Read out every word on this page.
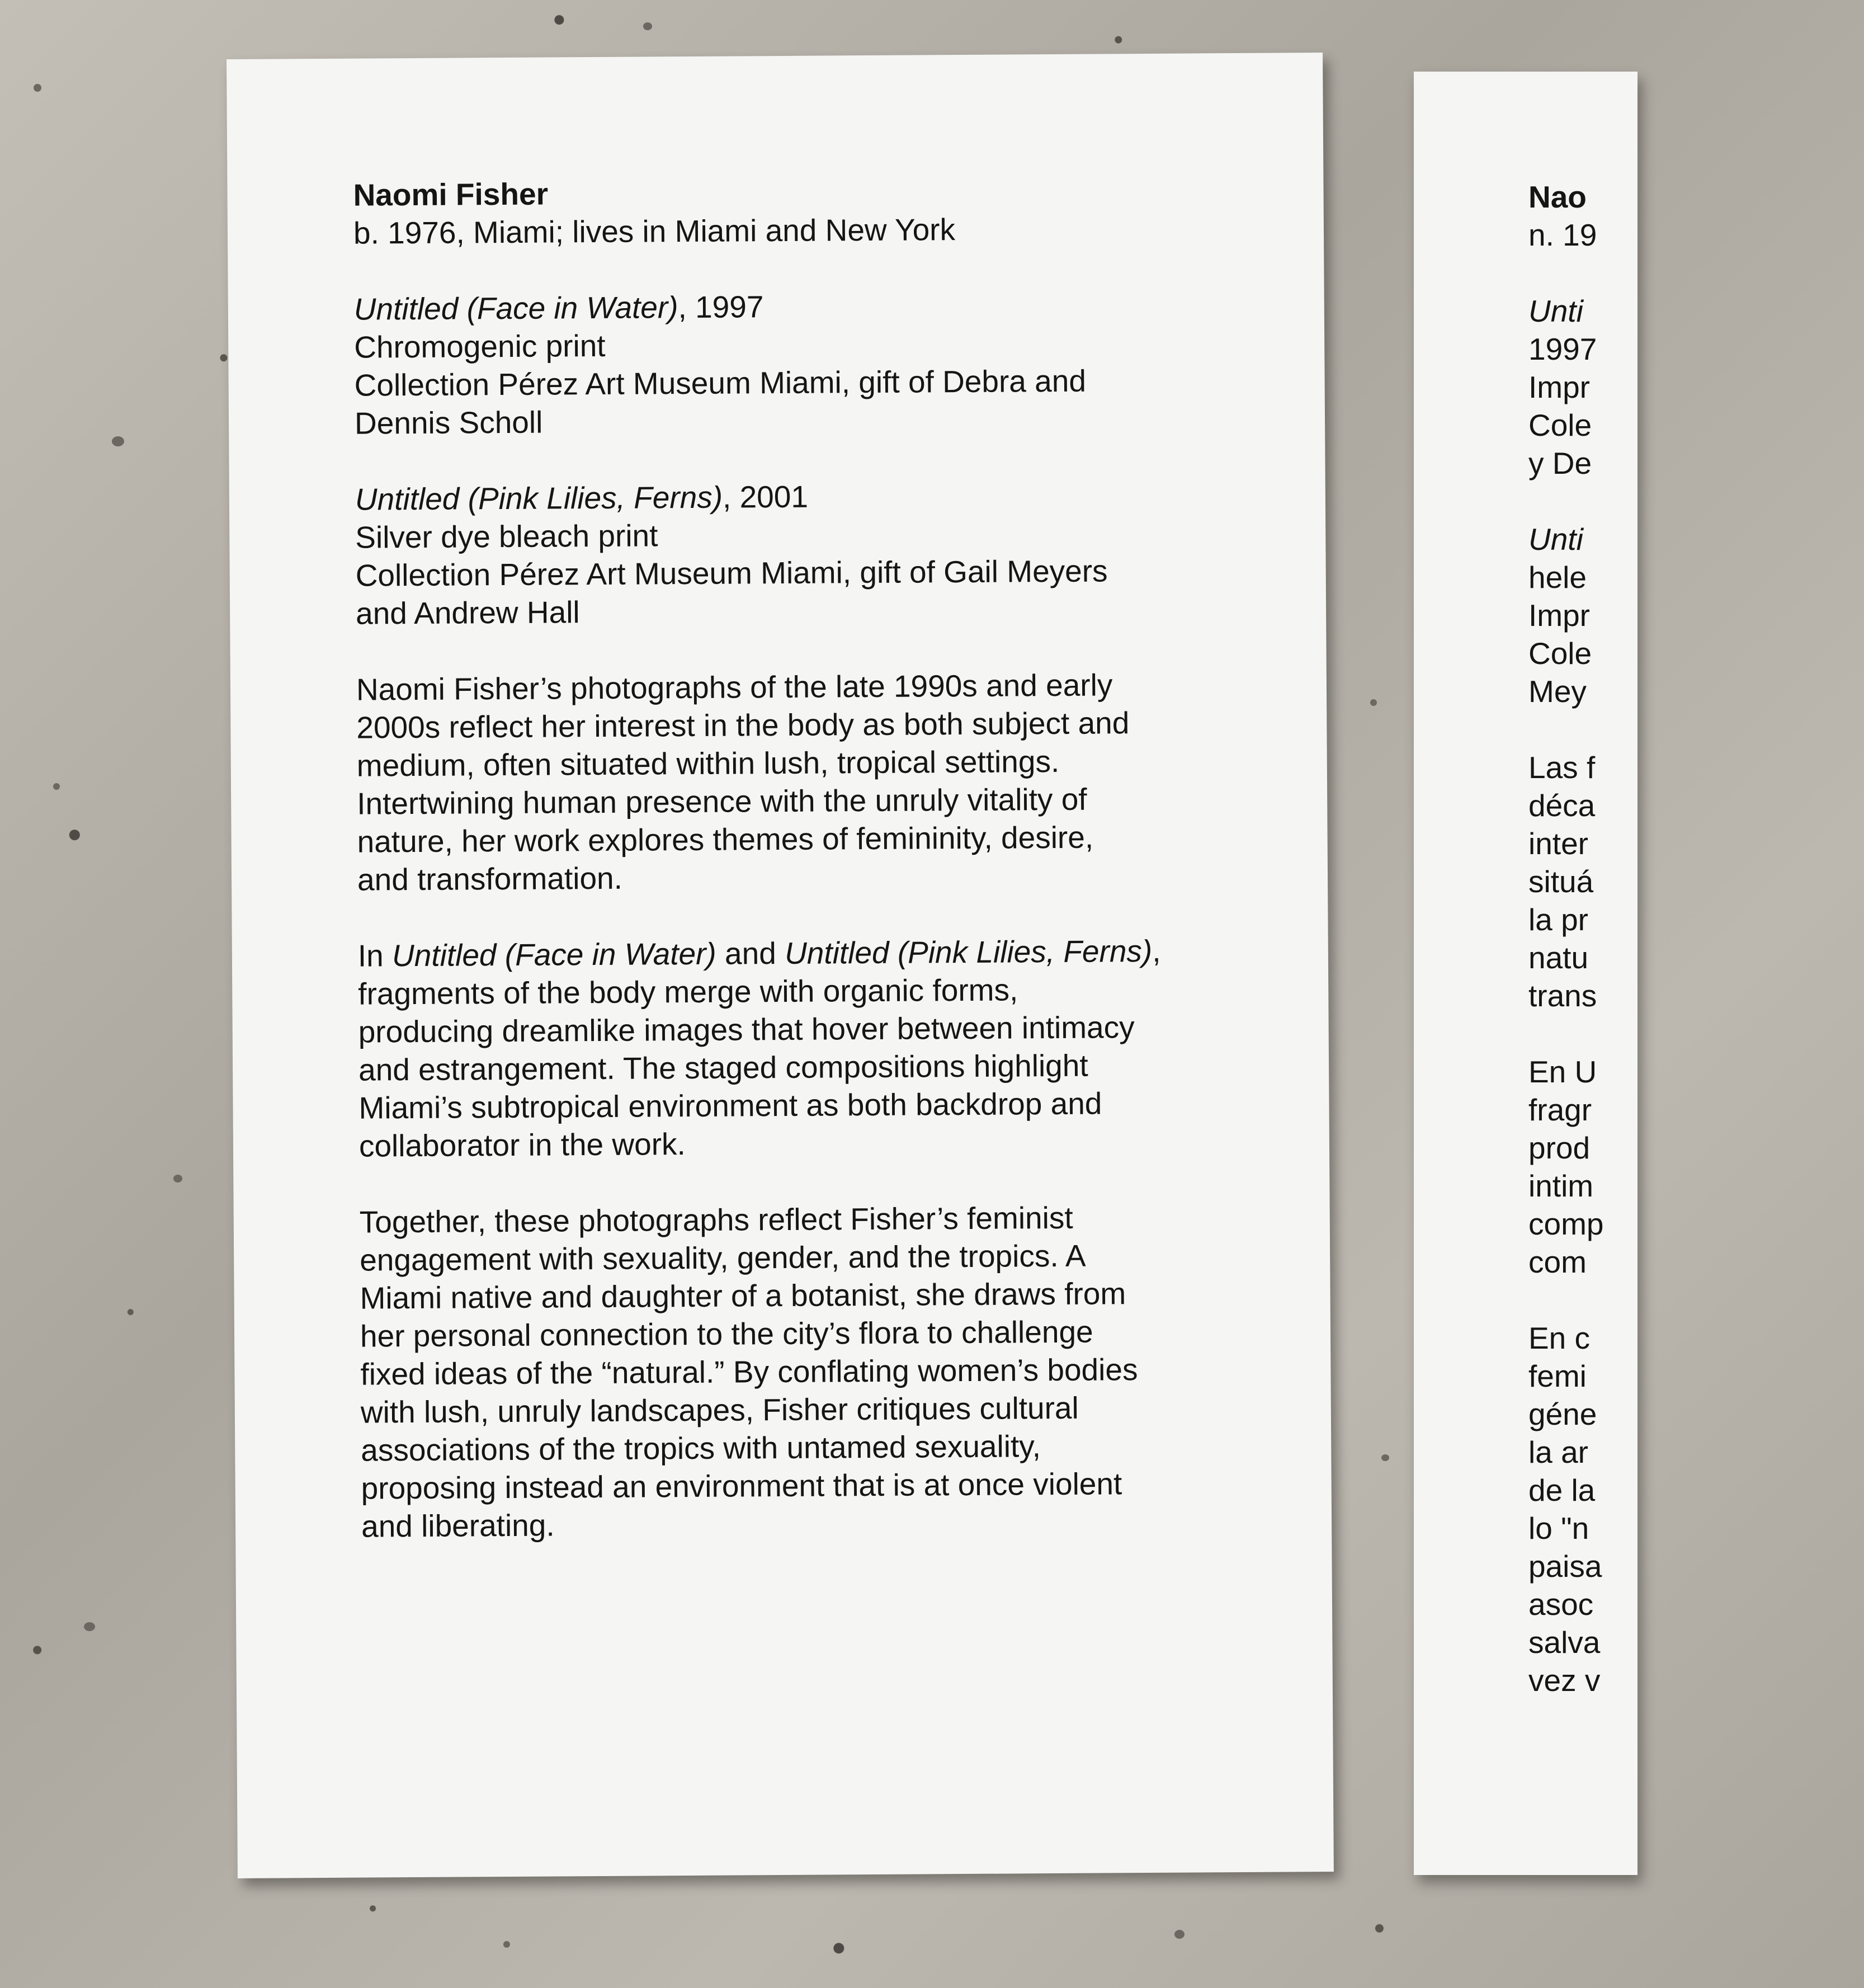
Naomi Fisher
b. 1976, Miami; lives in Miami and New York
Untitled (Face in Water), 1997
Chromogenic print
Collection Pérez Art Museum Miami, gift of Debra and
Dennis Scholl
Untitled (Pink Lilies, Ferns), 2001
Silver dye bleach print
Collection Pérez Art Museum Miami, gift of Gail Meyers
and Andrew Hall
Naomi Fisher’s photographs of the late 1990s and early
2000s reflect her interest in the body as both subject and
medium, often situated within lush, tropical settings.
Intertwining human presence with the unruly vitality of
nature, her work explores themes of femininity, desire,
and transformation.
In Untitled (Face in Water) and Untitled (Pink Lilies, Ferns),
fragments of the body merge with organic forms,
producing dreamlike images that hover between intimacy
and estrangement. The staged compositions highlight
Miami’s subtropical environment as both backdrop and
collaborator in the work.
Together, these photographs reflect Fisher’s feminist
engagement with sexuality, gender, and the tropics. A
Miami native and daughter of a botanist, she draws from
her personal connection to the city’s flora to challenge
fixed ideas of the “natural.” By conflating women’s bodies
with lush, unruly landscapes, Fisher critiques cultural
associations of the tropics with untamed sexuality,
proposing instead an environment that is at once violent
and liberating.
Nao
n. 19
Unti
1997
Impr
Cole
y De
Unti
hele
Impr
Cole
Mey
Las f
déca
inter
situá
la pr
natu
trans
En U
fragr
prod
intim
comp
com
En c
femi
géne
la ar
de la
lo "n
paisa
asoc
salva
vez v
